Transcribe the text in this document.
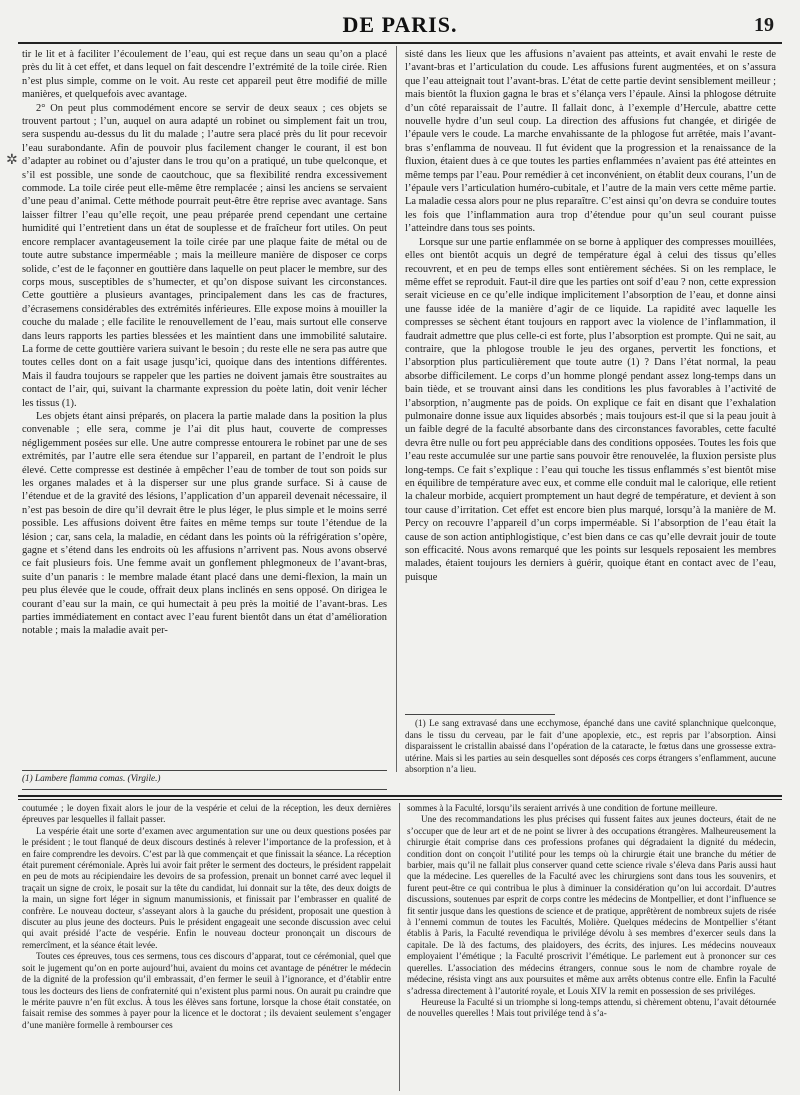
DE PARIS.	19
✲

tir le lit et à faciliter l’écoulement de l’eau, qui est reçue dans un seau qu’on a placé près du lit à cet effet, et dans lequel on fait descendre l’extrémité de la toile cirée. Rien n’est plus simple, comme on le voit. Au reste cet appareil peut être modifié de mille manières, et quelquefois avec avantage.

2° On peut plus commodément encore se servir de deux seaux ; ces objets se trouvent partout ; l’un, auquel on aura adapté un robinet ou simplement fait un trou, sera suspendu au-dessus du lit du malade ; l’autre sera placé près du lit pour recevoir l’eau surabondante. Afin de pouvoir plus facilement changer le courant, il est bon d’adapter au robinet ou d’ajuster dans le trou qu’on a pratiqué, un tube quelconque, et s’il est possible, une sonde de caoutchouc, que sa flexibilité rendra excessivement commode. La toile cirée peut elle-même être remplacée ; ainsi les anciens se servaient d’une peau d’animal. Cette méthode pourrait peut-être être reprise avec avantage. Sans laisser filtrer l’eau qu’elle reçoit, une peau préparée prend cependant une certaine humidité qui l’entretient dans un état de souplesse et de fraîcheur fort utiles. On peut encore remplacer avantageusement la toile cirée par une plaque faite de métal ou de toute autre substance imperméable ; mais la meilleure manière de disposer ce corps solide, c’est de le façonner en gouttière dans laquelle on peut placer le membre, sur des corps mous, susceptibles de s’humecter, et qu’on dispose suivant les circonstances. Cette gouttière a plusieurs avantages, principalement dans les cas de fractures, d’écrasemens considérables des extrémités inférieures. Elle expose moins à mouiller la couche du malade ; elle facilite le renouvellement de l’eau, mais surtout elle conserve dans leurs rapports les parties blessées et les maintient dans une immobilité salutaire. La forme de cette gouttière variera suivant le besoin ; du reste elle ne sera pas autre que toutes celles dont on a fait usage jusqu’ici, quoique dans des intentions différentes. Mais il faudra toujours se rappeler que les parties ne doivent jamais être soustraites au contact de l’air, qui, suivant la charmante expression du poète latin, doit venir lécher les tissus (1).

Les objets étant ainsi préparés, on placera la partie malade dans la position la plus convenable ; elle sera, comme je l’ai dit plus haut, couverte de compresses négligemment posées sur elle. Une autre compresse entourera le robinet par une de ses extrémités, par l’autre elle sera étendue sur l’appareil, en partant de l’endroit le plus élevé. Cette compresse est destinée à empêcher l’eau de tomber de tout son poids sur les organes malades et à la disperser sur une plus grande surface. Si à cause de l’étendue et de la gravité des lésions, l’application d’un appareil devenait nécessaire, il n’est pas besoin de dire qu’il devrait être le plus léger, le plus simple et le moins serré possible. Les affusions doivent être faites en même temps sur toute l’étendue de la lésion ; car, sans cela, la maladie, en cédant dans les points où la réfrigération s’opère, gagne et s’étend dans les endroits où les affusions n’arrivent pas. Nous avons observé ce fait plusieurs fois. Une femme avait un gonflement phlegmoneux de l’avant-bras, suite d’un panaris : le membre malade étant placé dans une demi-flexion, la main un peu plus élevée que le coude, offrait deux plans inclinés en sens opposé. On dirigea le courant d’eau sur la main, ce qui humectait à peu près la moitié de l’avant-bras. Les parties immédiatement en contact avec l’eau furent bientôt dans un état d’amélioration notable ; mais la maladie avait per-

sisté dans les lieux que les affusions n’avaient pas atteints, et avait envahi le reste de l’avant-bras et l’articulation du coude. Les affusions furent augmentées, et on s’assura que l’eau atteignait tout l’avant-bras. L’état de cette partie devint sensiblement meilleur ; mais bientôt la fluxion gagna le bras et s’élança vers l’épaule. Ainsi la phlogose détruite d’un côté reparaissait de l’autre. Il fallait donc, à l’exemple d’Hercule, abattre cette nouvelle hydre d’un seul coup. La direction des affusions fut changée, et dirigée de l’épaule vers le coude. La marche envahissante de la phlogose fut arrêtée, mais l’avant-bras s’enflamma de nouveau. Il fut évident que la progression et la renaissance de la fluxion, étaient dues à ce que toutes les parties enflammées n’avaient pas été atteintes en même temps par l’eau. Pour remédier à cet inconvénient, on établit deux courans, l’un de l’épaule vers l’articulation huméro-cubitale, et l’autre de la main vers cette même partie. La maladie cessa alors pour ne plus reparaître. C’est ainsi qu’on devra se conduire toutes les fois que l’inflammation aura trop d’étendue pour qu’un seul courant puisse l’atteindre dans tous ses points.

Lorsque sur une partie enflammée on se borne à appliquer des compresses mouillées, elles ont bientôt acquis un degré de température égal à celui des tissus qu’elles recouvrent, et en peu de temps elles sont entièrement séchées. Si on les remplace, le même effet se reproduit. Faut-il dire que les parties ont soif d’eau ? non, cette expression serait vicieuse en ce qu’elle indique implicitement l’absorption de l’eau, et donne ainsi une fausse idée de la manière d’agir de ce liquide. La rapidité avec laquelle les compresses se sèchent étant toujours en rapport avec la violence de l’inflammation, il faudrait admettre que plus celle-ci est forte, plus l’absorption est prompte. Qui ne sait, au contraire, que la phlogose trouble le jeu des organes, pervertit les fonctions, et l’absorption plus particulièrement que toute autre (1) ? Dans l’état normal, la peau absorbe difficilement. Le corps d’un homme plongé pendant assez long-temps dans un bain tiède, et se trouvant ainsi dans les conditions les plus favorables à l’activité de l’absorption, n’augmente pas de poids. On explique ce fait en disant que l’exhalation pulmonaire donne issue aux liquides absorbés ; mais toujours est-il que si la peau jouit à un faible degré de la faculté absorbante dans des circonstances favorables, cette faculté devra être nulle ou fort peu appréciable dans des conditions opposées. Toutes les fois que l’eau reste accumulée sur une partie sans pouvoir être renouvelée, la fluxion persiste plus long-temps. Ce fait s’explique : l’eau qui touche les tissus enflammés s’est bientôt mise en équilibre de température avec eux, et comme elle conduit mal le calorique, elle retient la chaleur morbide, acquiert promptement un haut degré de température, et devient à son tour cause d’irritation. Cet effet est encore bien plus marqué, lorsqu’à la manière de M. Percy on recouvre l’appareil d’un corps imperméable. Si l’absorption de l’eau était la cause de son action antiphlogistique, c’est bien dans ce cas qu’elle devrait jouir de toute son efficacité. Nous avons remarqué que les points sur lesquels reposaient les membres malades, étaient toujours les derniers à guérir, quoique étant en contact avec de l’eau, puisque

(1) Le sang extravasé dans une ecchymose, épanché dans une cavité splanchnique quelconque, dans le tissu du cerveau, par le fait d’une apoplexie, etc., est repris par l’absorption. Ainsi disparaissent le cristallin abaissé dans l’opération de la cataracte, le fœtus dans une grossesse extra-utérine. Mais si les parties au sein desquelles sont déposés ces corps étrangers s’enflamment, aucune absorption n’a lieu.

(1) Lambere flamma comas. (Virgile.)

coutumée ; le doyen fixait alors le jour de la vespérie et celui de la réception, les deux dernières épreuves par lesquelles il fallait passer.

La vespérie était une sorte d’examen avec argumentation sur une ou deux questions posées par le président ; le tout flanqué de deux discours destinés à relever l’importance de la profession, et à en faire comprendre les devoirs. C’est par là que commençait et que finissait la séance. La réception était purement cérémoniale. Après lui avoir fait prêter le serment des docteurs, le président rappelait en peu de mots au récipiendaire les devoirs de sa profession, prenait un bonnet carré avec lequel il traçait un signe de croix, le posait sur la tête du candidat, lui donnait sur la tête, des deux doigts de la main, un signe fort léger in signum manumissionis, et finissait par l’embrasser en qualité de confrère. Le nouveau docteur, s’asseyant alors à la gauche du président, proposait une question à discuter au plus jeune des docteurs. Puis le président engageait une seconde discussion avec celui qui avait présidé l’acte de vespérie. Enfin le nouveau docteur prononçait un discours de remercîment, et la séance était levée.

Toutes ces épreuves, tous ces sermens, tous ces discours d’apparat, tout ce cérémonial, quel que soit le jugement qu’on en porte aujourd’hui, avaient du moins cet avantage de pénétrer le médecin de la dignité de la profession qu’il embrassait, d’en fermer le seuil à l’ignorance, et d’établir entre tous les docteurs des liens de confraternité qui n’existent plus parmi nous. On aurait pu craindre que le mérite pauvre n’en fût exclus. À tous les élèves sans fortune, lorsque la chose était constatée, on faisait remise des sommes à payer pour la licence et le doctorat ; ils devaient seulement s’engager d’une manière formelle à rembourser ces

sommes à la Faculté, lorsqu’ils seraient arrivés à une condition de fortune meilleure.

Une des recommandations les plus précises qui fussent faites aux jeunes docteurs, était de ne s’occuper que de leur art et de ne point se livrer à des occupations étrangères. Malheureusement la chirurgie était comprise dans ces professions profanes qui dégradaient la dignité du médecin, condition dont on conçoit l’utilité pour les temps où la chirurgie était une branche du métier de barbier, mais qu’il ne fallait plus conserver quand cette science rivale s’éleva dans Paris aussi haut que la médecine. Les querelles de la Faculté avec les chirurgiens sont dans tous les souvenirs, et furent peut-être ce qui contribua le plus à diminuer la considération qu’on lui accordait. D’autres discussions, soutenues par esprit de corps contre les médecins de Montpellier, et dont l’influence se fit sentir jusque dans les questions de science et de pratique, apprêtèrent de nombreux sujets de risée à l’ennemi commun de toutes les Facultés, Molière. Quelques médecins de Montpellier s’étant établis à Paris, la Faculté revendiqua le privilége dévolu à ses membres d’exercer seuls dans la capitale. De là des factums, des plaidoyers, des écrits, des injures. Les médecins nouveaux employaient l’émétique ; la Faculté proscrivit l’émétique. Le parlement eut à prononcer sur ces querelles. L’association des médecins étrangers, connue sous le nom de chambre royale de médecine, résista vingt ans aux poursuites et même aux arrêts obtenus contre elle. Enfin la Faculté s’adressa directement à l’autorité royale, et Louis XIV la remit en possession de ses priviléges.

Heureuse la Faculté si un triomphe si long-temps attendu, si chèrement obtenu, l’avait détournée de nouvelles querelles ! Mais tout privilége tend à s’a-
